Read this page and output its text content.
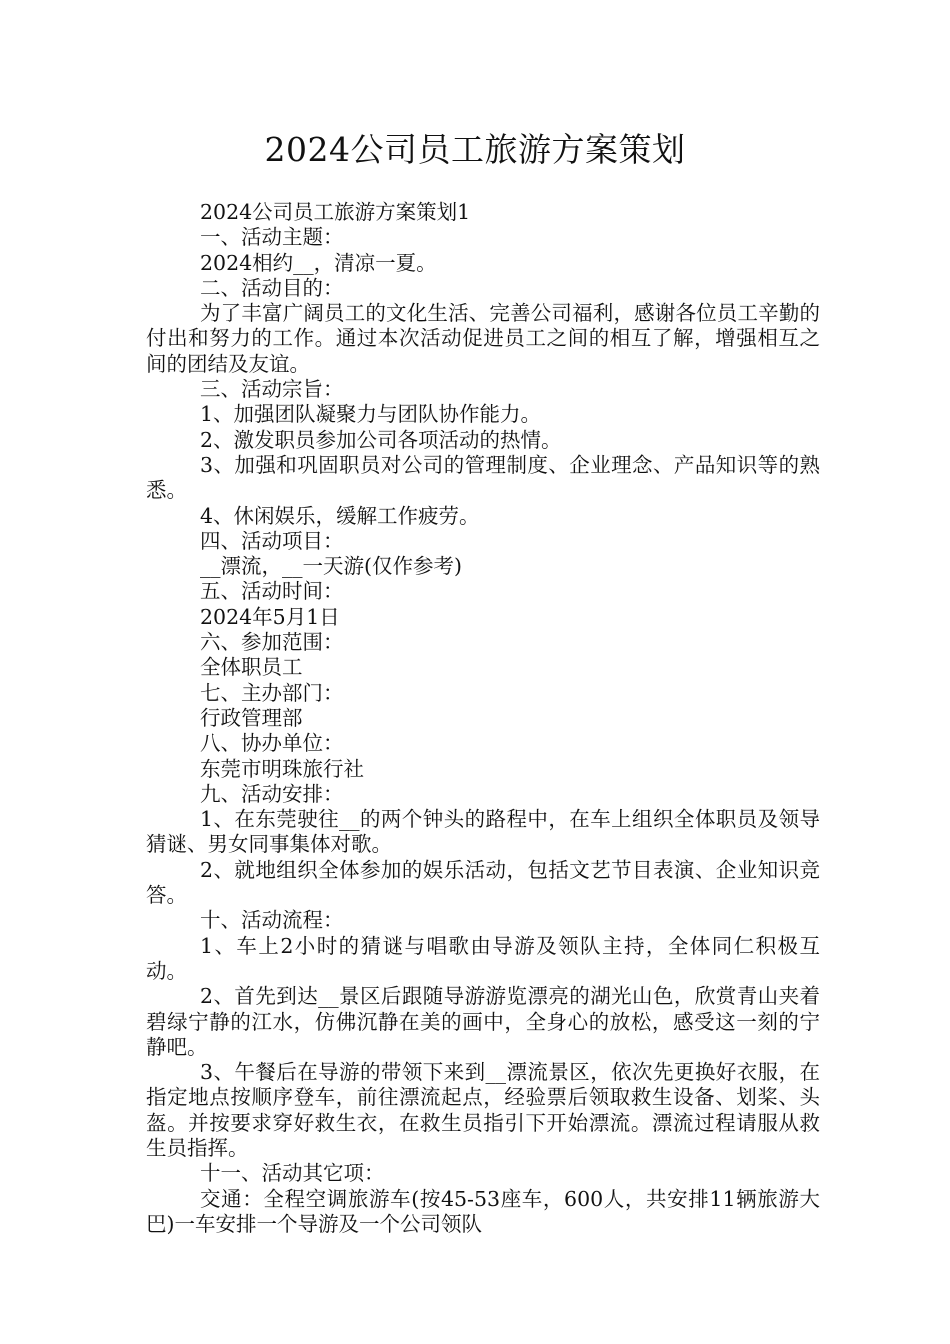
2024公司员工旅游方案策划

2024公司员工旅游方案策划1

一、活动主题：

2024相约__，清凉一夏。

二、活动目的：

为了丰富广阔员工的文化生活、完善公司福利，感谢各位员工辛勤的付出和努力的工作。通过本次活动促进员工之间的相互了解，增强相互之间的团结及友谊。

三、活动宗旨：

1、加强团队凝聚力与团队协作能力。

2、激发职员参加公司各项活动的热情。

3、加强和巩固职员对公司的管理制度、企业理念、产品知识等的熟悉。

4、休闲娱乐，缓解工作疲劳。

四、活动项目：

__漂流，__一天游(仅作参考)

五、活动时间：

2024年5月1日

六、参加范围：

全体职员工

七、主办部门：

行政管理部

八、协办单位：

东莞市明珠旅行社

九、活动安排：

1、在东莞驶往__的两个钟头的路程中，在车上组织全体职员及领导猜谜、男女同事集体对歌。

2、就地组织全体参加的娱乐活动，包括文艺节目表演、企业知识竞答。

十、活动流程：

1、车上2小时的猜谜与唱歌由导游及领队主持，全体同仁积极互动。

2、首先到达__景区后跟随导游游览漂亮的湖光山色，欣赏青山夹着碧绿宁静的江水，仿佛沉静在美的画中，全身心的放松，感受这一刻的宁静吧。

3、午餐后在导游的带领下来到__漂流景区，依次先更换好衣服，在指定地点按顺序登车，前往漂流起点，经验票后领取救生设备、划桨、头盔。并按要求穿好救生衣，在救生员指引下开始漂流。漂流过程请服从救生员指挥。

十一、活动其它项：

交通：全程空调旅游车(按45-53座车，600人，共安排11辆旅游大巴)一车安排一个导游及一个公司领队
